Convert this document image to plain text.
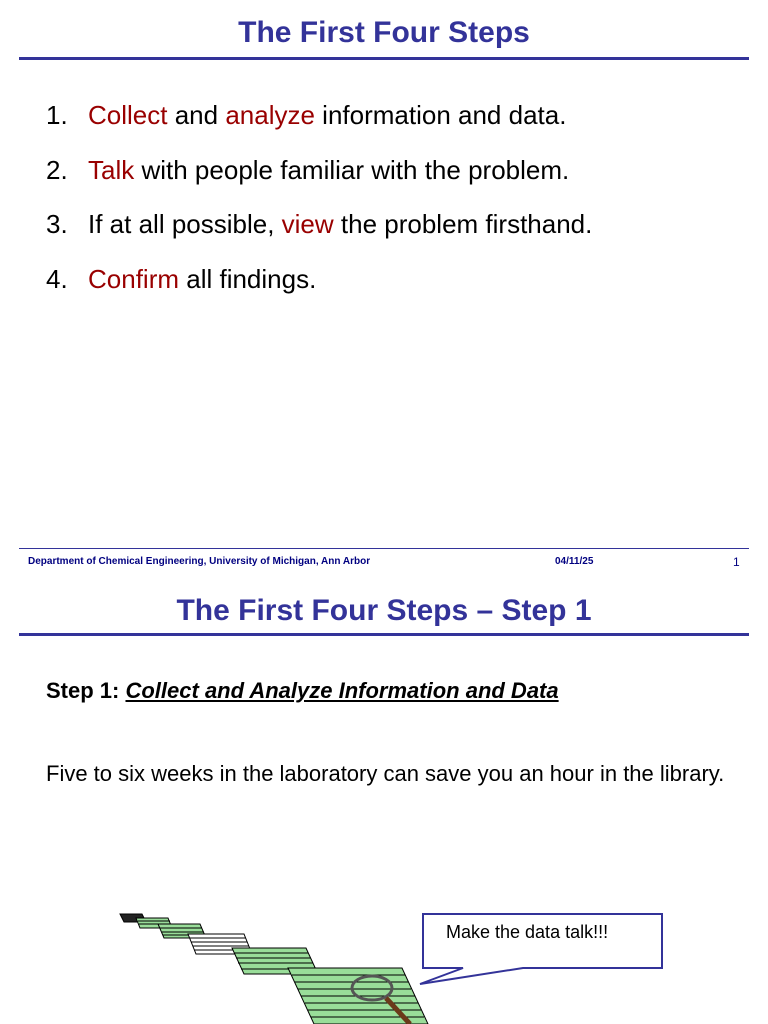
The First Four Steps
1. Collect and analyze information and data.
2. Talk with people familiar with the problem.
3. If at all possible, view the problem firsthand.
4. Confirm all findings.
Department of Chemical Engineering, University of Michigan, Ann Arbor	04/11/25	1
The First Four Steps – Step 1
Step 1: Collect and Analyze Information and Data
Five to six weeks in the laboratory can save you an hour in the library.
Make the data talk!!!
